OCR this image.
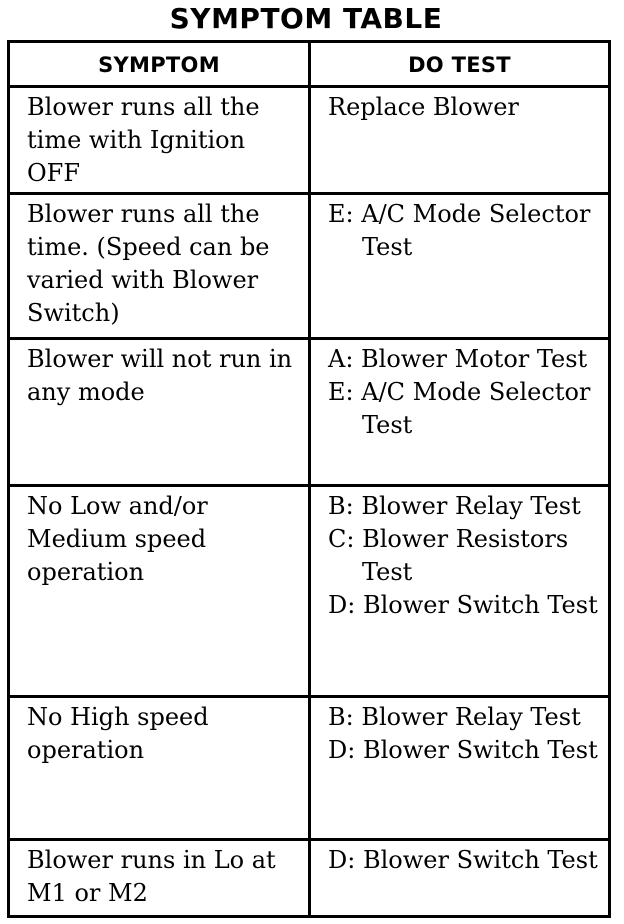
SYMPTOM TABLE
SYMPTOM	DO TEST

Blower runs all the time with Ignition OFF	Replace Blower

Blower runs all the time. (Speed can be varied with Blower Switch)	E: A/C Mode Selector Test

Blower will not run in any mode	A: Blower Motor Test
E: A/C Mode Selector Test

No Low and/or Medium speed operation	B: Blower Relay Test
C: Blower Resistors Test
D: Blower Switch Test

No High speed operation	B: Blower Relay Test
D: Blower Switch Test

Blower runs in Lo at M1 or M2	D: Blower Switch Test
